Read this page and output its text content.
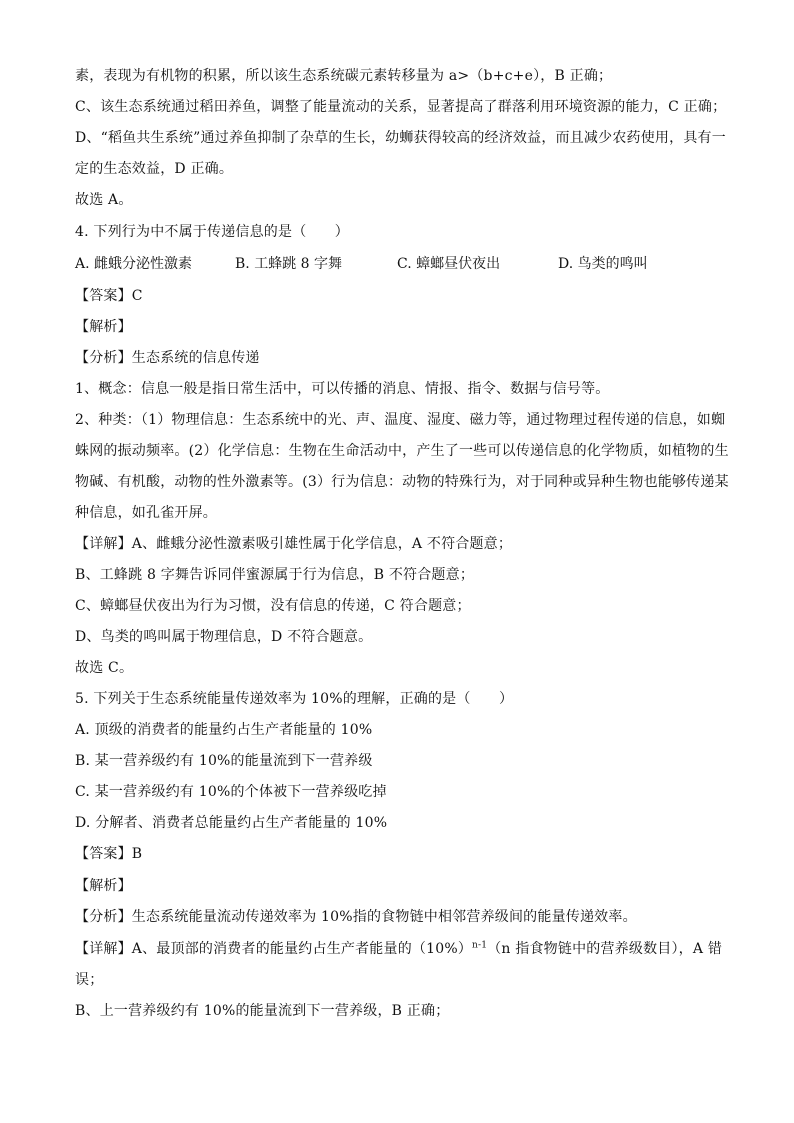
素，表现为有机物的积累，所以该生态系统碳元素转移量为 a>（b+c+e），B 正确；
C、该生态系统通过稻田养鱼，调整了能量流动的关系，显著提高了群落利用环境资源的能力，C 正确；
D、“稻鱼共生系统”通过养鱼抑制了杂草的生长，幼蛳获得较高的经济效益，而且减少农药使用，具有一
定的生态效益，D 正确。
故选 A。
4. 下列行为中不属于传递信息的是（　　）
A. 雌蛾分泌性激素	B. 工蜂跳 8 字舞	C. 蟑螂昼伏夜出	D. 鸟类的鸣叫
【答案】C
【解析】
【分析】生态系统的信息传递
1、概念：信息一般是指日常生活中，可以传播的消息、情报、指令、数据与信号等。
2、种类：（1）物理信息：生态系统中的光、声、温度、湿度、磁力等，通过物理过程传递的信息，如蜘
蛛网的振动频率。(2）化学信息：生物在生命活动中，产生了一些可以传递信息的化学物质，如植物的生
物碱、有机酸，动物的性外激素等。(3）行为信息：动物的特殊行为，对于同种或异种生物也能够传递某
种信息，如孔雀开屏。
【详解】A、雌蛾分泌性激素吸引雄性属于化学信息，A 不符合题意；
B、工蜂跳 8 字舞告诉同伴蜜源属于行为信息，B 不符合题意；
C、蟑螂昼伏夜出为行为习惯，没有信息的传递，C 符合题意；
D、鸟类的鸣叫属于物理信息，D 不符合题意。
故选 C。
5. 下列关于生态系统能量传递效率为 10%的理解，正确的是（　　）
A. 顶级的消费者的能量约占生产者能量的 10%
B. 某一营养级约有 10%的能量流到下一营养级
C. 某一营养级约有 10%的个体被下一营养级吃掉
D. 分解者、消费者总能量约占生产者能量的 10%
【答案】B
【解析】
【分析】生态系统能量流动传递效率为 10%指的食物链中相邻营养级间的能量传递效率。
【详解】A、最顶部的消费者的能量约占生产者能量的$(10\%)^{n-1}(n$ 指食物链中的营养级数目），A 错
误；
B、上一营养级约有 10%的能量流到下一营养级，B 正确；
